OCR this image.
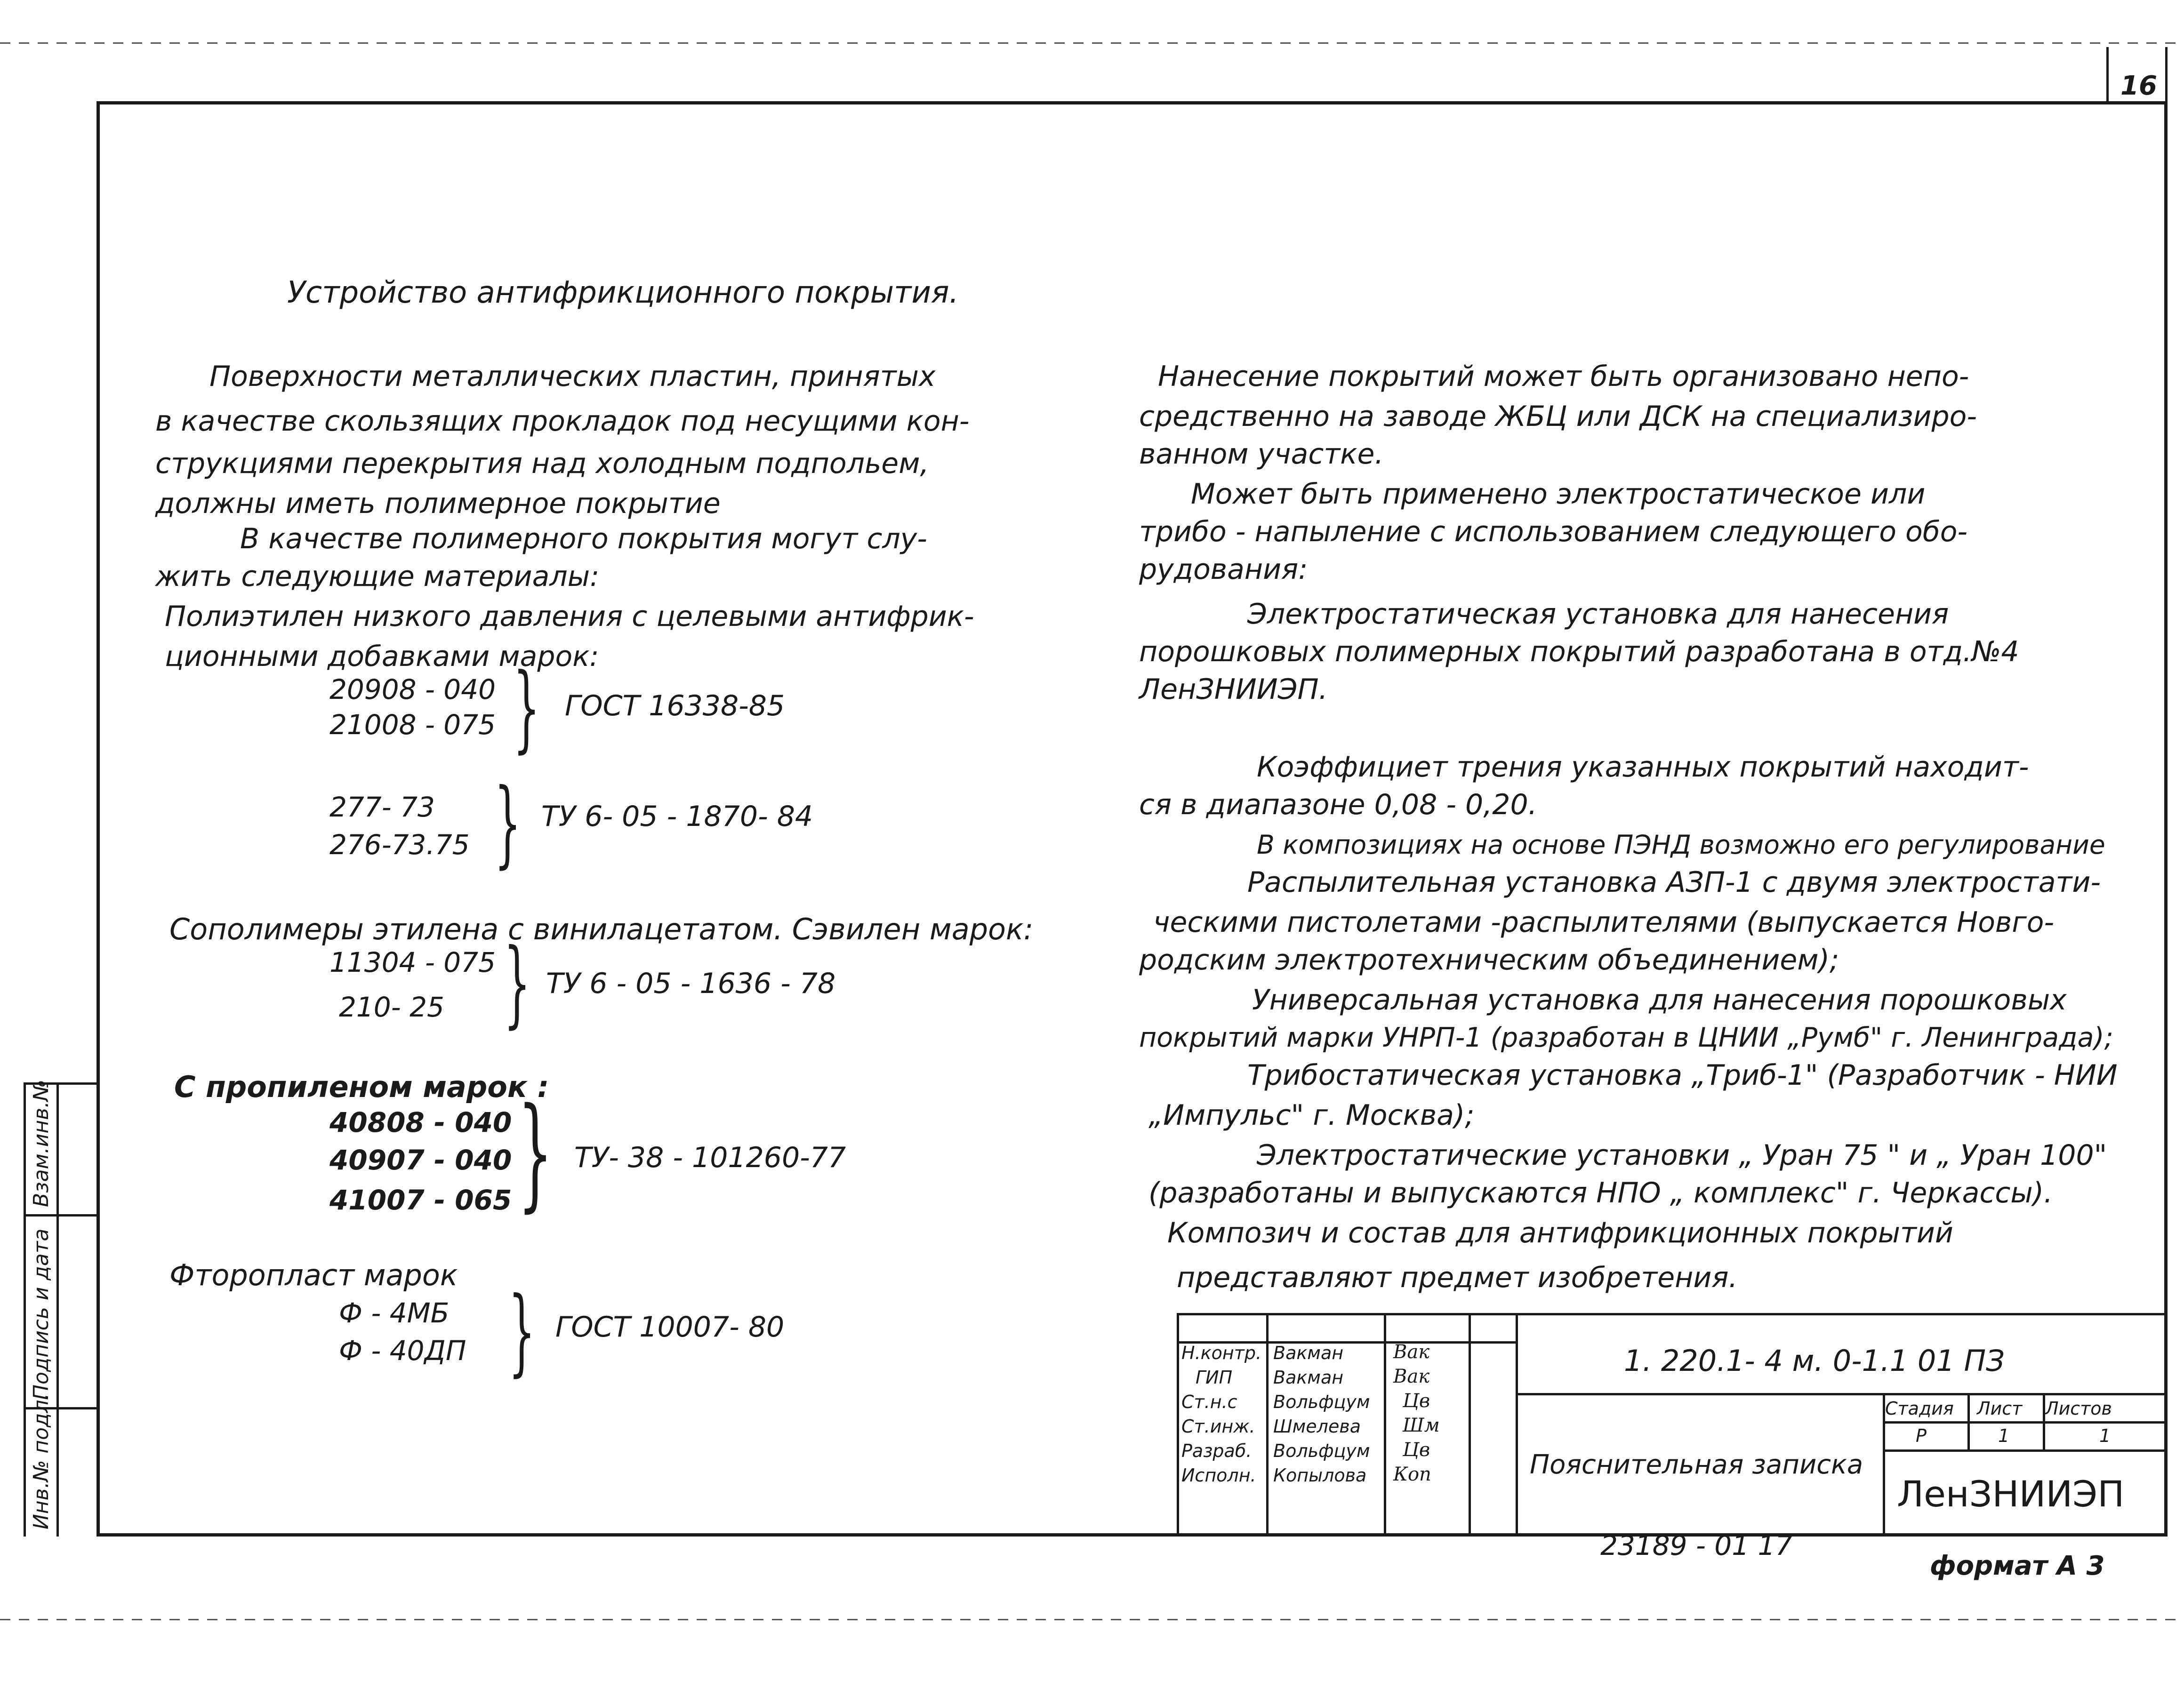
16
Инв.№ подл.
Подпись и дата
Взам.инв.№
Устройство антифрикционного покрытия.
Поверхности металлических пластин, принятых
в качестве скользящих прокладок под несущими кон-
струкциями перекрытия над холодным подпольем,
должны иметь полимерное покрытие
В качестве полимерного покрытия могут слу-
жить следующие материалы:
Полиэтилен низкого давления с целевыми антифрик-
ционными добавками марок:
20908 - 040
21008 - 075 } ГОСТ 16338-85
277- 73
276-73.75 } ТУ 6- 05 - 1870- 84
Сополимеры этилена с винилацетатом. Сэвилен марок:
11304 - 075
210- 25 } ТУ 6 - 05 - 1636 - 78
С пропиленом марок :
40808 - 040
40907 - 040
41007 - 065 } ТУ- 38 - 101260-77
Фторопласт марок
Ф - 4МБ
Ф - 40ДП } ГОСТ 10007- 80
Нанесение покрытий может быть организовано непо-
средственно на заводе ЖБЦ или ДСК на специализиро-
ванном участке.
Может быть применено электростатическое или
трибо - напыление с использованием следующего обо-
рудования:
Электростатическая установка для нанесения
порошковых полимерных покрытий разработана в отд.№4
ЛенЗНИИЭП.
Коэффициет трения указанных покрытий находит-
ся в диапазоне 0,08 - 0,20.
В композициях на основе ПЭНД возможно его регулирование
Распылительная установка АЗП-1 с двумя электростати-
ческими пистолетами -распылителями (выпускается Новго-
родским электротехническим объединением);
Универсальная установка для нанесения порошковых
покрытий марки УНРП-1 (разработан в ЦНИИ „Румб" г. Ленинграда);
Трибостатическая установка „Триб-1" (Разработчик - НИИ
„Импульс" г. Москва);
Электростатические установки „ Уран 75 " и „ Уран 100"
(разработаны и выпускаются НПО „ комплекс" г. Черкассы).
Композич и состав для антифрикционных покрытий
представляют предмет изобретения.
Н.контр.
ГИП
Ст.н.с
Ст.инж.
Разраб.
Исполн.
Вакман
Вакман
Вольфцум
Шмелева
Вольфцум
Копылова
Вак
Вак
Цв
Шм
Цв
Коп
1. 220.1- 4 м. 0-1.1 01 ПЗ
Пояснительная записка
Стадия Лист Листов
Р	1	1
ЛенЗНИИЭП
23189 - 01 17
формат А 3
